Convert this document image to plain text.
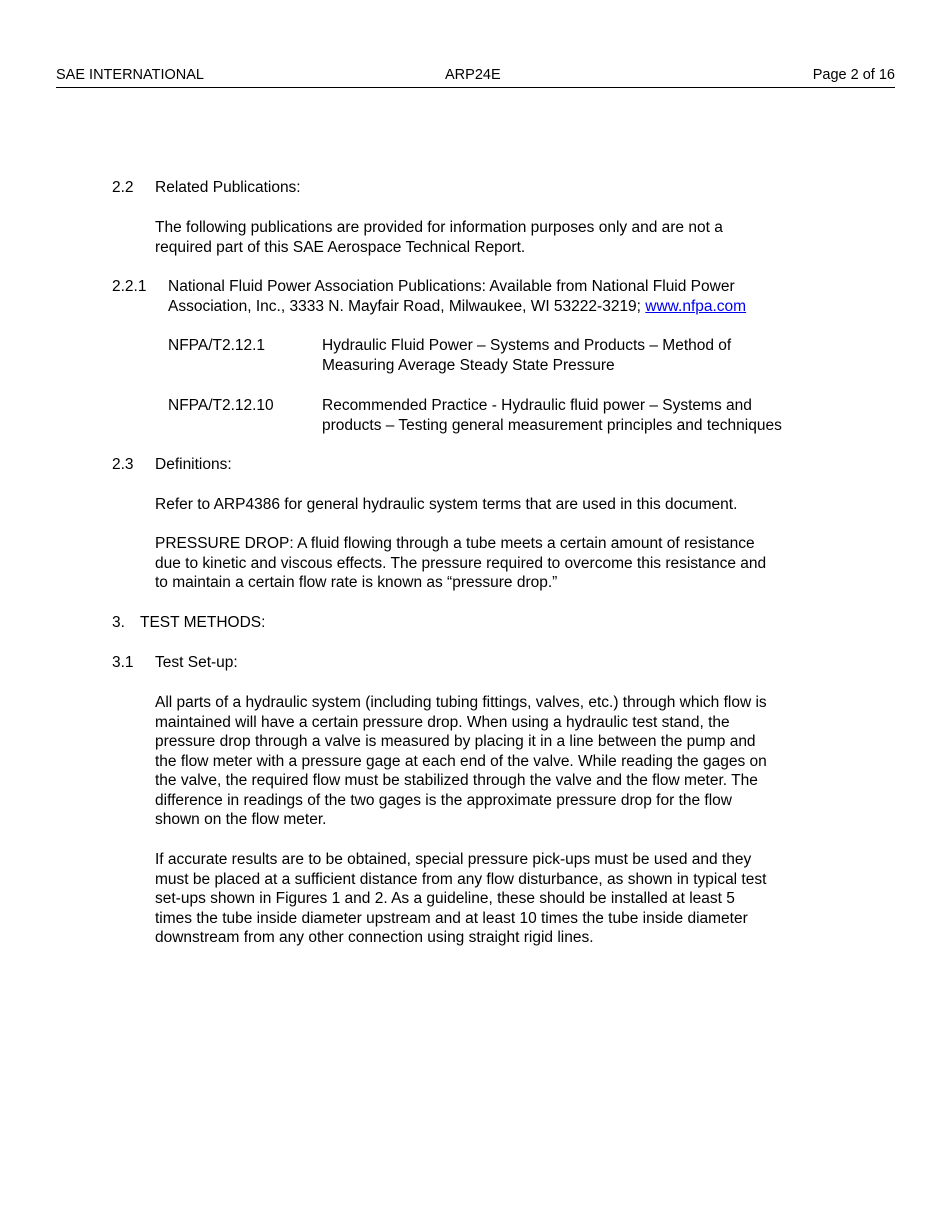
SAE INTERNATIONAL	ARP24E	Page 2 of 16
2.2 Related Publications:
The following publications are provided for information purposes only and are not a
required part of this SAE Aerospace Technical Report.
2.2.1 National Fluid Power Association Publications: Available from National Fluid Power
Association, Inc., 3333 N. Mayfair Road, Milwaukee, WI 53222-3219; www.nfpa.com
NFPA/T2.12.1	Hydraulic Fluid Power – Systems and Products – Method of
Measuring Average Steady State Pressure
NFPA/T2.12.10	Recommended Practice - Hydraulic fluid power – Systems and
products – Testing general measurement principles and techniques
2.3 Definitions:
Refer to ARP4386 for general hydraulic system terms that are used in this document.
PRESSURE DROP: A fluid flowing through a tube meets a certain amount of resistance
due to kinetic and viscous effects. The pressure required to overcome this resistance and
to maintain a certain flow rate is known as “pressure drop.”
3. TEST METHODS:
3.1 Test Set-up:
All parts of a hydraulic system (including tubing fittings, valves, etc.) through which flow is
maintained will have a certain pressure drop. When using a hydraulic test stand, the
pressure drop through a valve is measured by placing it in a line between the pump and
the flow meter with a pressure gage at each end of the valve. While reading the gages on
the valve, the required flow must be stabilized through the valve and the flow meter. The
difference in readings of the two gages is the approximate pressure drop for the flow
shown on the flow meter.
If accurate results are to be obtained, special pressure pick-ups must be used and they
must be placed at a sufficient distance from any flow disturbance, as shown in typical test
set-ups shown in Figures 1 and 2. As a guideline, these should be installed at least 5
times the tube inside diameter upstream and at least 10 times the tube inside diameter
downstream from any other connection using straight rigid lines.
